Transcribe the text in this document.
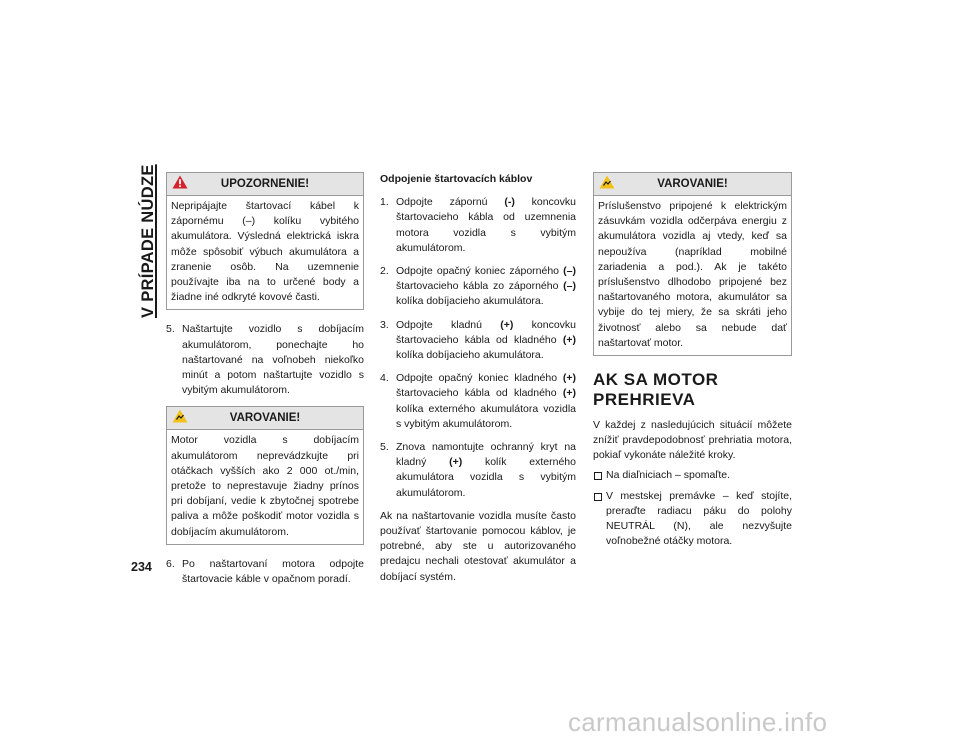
V PRÍPADE NÚDZE
234
UPOZORNENIE!
Nepripájajte štartovací kábel k zápornému (–) kolíku vybitého akumulátora. Výsledná elektrická iskra môže spôsobiť výbuch akumulátora a zranenie osôb. Na uzemnenie používajte iba na to určené body a žiadne iné odkryté kovové časti.
5. Naštartujte vozidlo s dobíjacím akumulátorom, ponechajte ho naštartované na voľnobeh niekoľko minút a potom naštartujte vozidlo s vybitým akumulátorom.
VAROVANIE!
Motor vozidla s dobíjacím akumulátorom neprevádzkujte pri otáčkach vyšších ako 2 000 ot./min, pretože to neprestavuje žiadny prínos pri dobíjaní, vedie k zbytočnej spotrebe paliva a môže poškodiť motor vozidla s dobíjacím akumulátorom.
6. Po naštartovaní motora odpojte štartovacie káble v opačnom poradí.

Odpojenie štartovacích káblov

1. Odpojte zápornú (-) koncovku štartovacieho kábla od uzemnenia motora vozidla s vybitým akumulátorom.
2. Odpojte opačný koniec záporného (–) štartovacieho kábla zo záporného (–) kolíka dobíjacieho akumulátora.
3. Odpojte kladnú (+) koncovku štartovacieho kábla od kladného (+) kolíka dobíjacieho akumulátora.
4. Odpojte opačný koniec kladného (+) štartovacieho kábla od kladného (+) kolíka externého akumulátora vozidla s vybitým akumulátorom.
5. Znova namontujte ochranný kryt na kladný (+) kolík externého akumulátora vozidla s vybitým akumulátorom.

Ak na naštartovanie vozidla musíte často používať štartovanie pomocou káblov, je potrebné, aby ste u autorizovaného predajcu nechali otestovať akumulátor a dobíjací systém.

VAROVANIE!
Príslušenstvo pripojené k elektrickým zásuvkám vozidla odčerpáva energiu z akumulátora vozidla aj vtedy, keď sa nepoužíva (napríklad mobilné zariadenia a pod.). Ak je takéto príslušenstvo dlhodobo pripojené bez naštartovaného motora, akumulátor sa vybije do tej miery, že sa skráti jeho životnosť alebo sa nebude dať naštartovať motor.
AK SA MOTOR PREHRIEVA

V každej z nasledujúcich situácií môžete znížiť pravdepodobnosť prehriatia motora, pokiaľ vykonáte náležité kroky.

Na diaľniciach – spomaľte.
V mestskej premávke – keď stojíte, preraďte radiacu páku do polohy NEUTRÁL (N), ale nezvyšujte voľnobežné otáčky motora.
carmanualsonline.info
